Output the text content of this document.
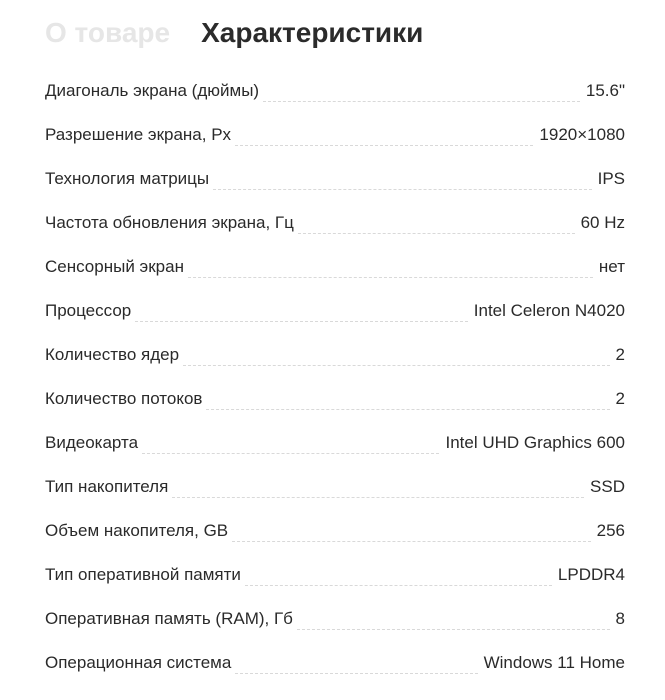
О товаре Характеристики
Диагональ экрана (дюймы)	15.6"
Разрешение экрана, Px	1920×1080
Технология матрицы	IPS
Частота обновления экрана, Гц	60 Hz
Сенсорный экран	нет
Процессор	Intel Celeron N4020
Количество ядер	2
Количество потоков	2
Видеокарта	Intel UHD Graphics 600
Тип накопителя	SSD
Объем накопителя, GB	256
Тип оперативной памяти	LPDDR4
Оперативная память (RAM), Гб	8
Операционная система	Windows 11 Home
